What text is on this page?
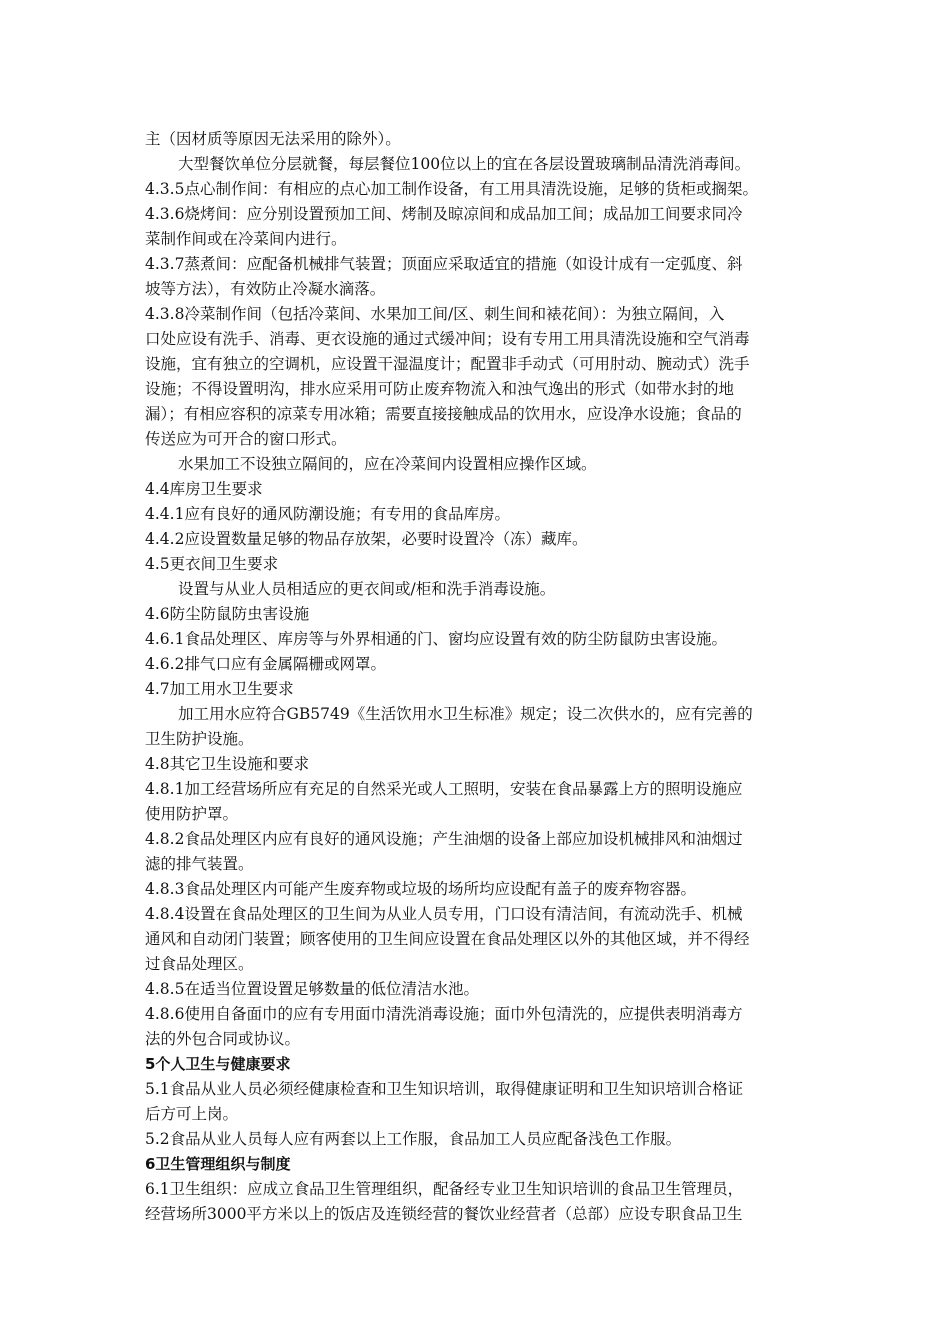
主（因材质等原因无法采用的除外）。
大型餐饮单位分层就餐，每层餐位100位以上的宜在各层设置玻璃制品清洗消毒间。
4.3.5点心制作间：有相应的点心加工制作设备，有工用具清洗设施，足够的货柜或搁架。
4.3.6烧烤间：应分别设置预加工间、烤制及晾凉间和成品加工间；成品加工间要求同冷
菜制作间或在冷菜间内进行。
4.3.7蒸煮间：应配备机械排气装置；顶面应采取适宜的措施（如设计成有一定弧度、斜
坡等方法），有效防止冷凝水滴落。
4.3.8冷菜制作间（包括冷菜间、水果加工间/区、刺生间和裱花间）：为独立隔间，入
口处应设有洗手、消毒、更衣设施的通过式缓冲间；设有专用工用具清洗设施和空气消毒
设施，宜有独立的空调机，应设置干湿温度计；配置非手动式（可用肘动、腕动式）洗手
设施；不得设置明沟，排水应采用可防止废弃物流入和浊气逸出的形式（如带水封的地
漏）；有相应容积的凉菜专用冰箱；需要直接接触成品的饮用水，应设净水设施；食品的
传送应为可开合的窗口形式。
水果加工不设独立隔间的，应在冷菜间内设置相应操作区域。
4.4库房卫生要求
4.4.1应有良好的通风防潮设施；有专用的食品库房。
4.4.2应设置数量足够的物品存放架，必要时设置冷（冻）藏库。
4.5更衣间卫生要求
设置与从业人员相适应的更衣间或/柜和洗手消毒设施。
4.6防尘防鼠防虫害设施
4.6.1食品处理区、库房等与外界相通的门、窗均应设置有效的防尘防鼠防虫害设施。
4.6.2排气口应有金属隔栅或网罩。
4.7加工用水卫生要求
加工用水应符合GB5749《生活饮用水卫生标准》规定；设二次供水的，应有完善的
卫生防护设施。
4.8其它卫生设施和要求
4.8.1加工经营场所应有充足的自然采光或人工照明，安装在食品暴露上方的照明设施应
使用防护罩。
4.8.2食品处理区内应有良好的通风设施；产生油烟的设备上部应加设机械排风和油烟过
滤的排气装置。
4.8.3食品处理区内可能产生废弃物或垃圾的场所均应设配有盖子的废弃物容器。
4.8.4设置在食品处理区的卫生间为从业人员专用，门口设有清洁间，有流动洗手、机械
通风和自动闭门装置；顾客使用的卫生间应设置在食品处理区以外的其他区域，并不得经
过食品处理区。
4.8.5在适当位置设置足够数量的低位清洁水池。
4.8.6使用自备面巾的应有专用面巾清洗消毒设施；面巾外包清洗的，应提供表明消毒方
法的外包合同或协议。
5个人卫生与健康要求
5.1食品从业人员必须经健康检查和卫生知识培训，取得健康证明和卫生知识培训合格证
后方可上岗。
5.2食品从业人员每人应有两套以上工作服，食品加工人员应配备浅色工作服。
6卫生管理组织与制度
6.1卫生组织：应成立食品卫生管理组织，配备经专业卫生知识培训的食品卫生管理员，
经营场所3000平方米以上的饭店及连锁经营的餐饮业经营者（总部）应设专职食品卫生
